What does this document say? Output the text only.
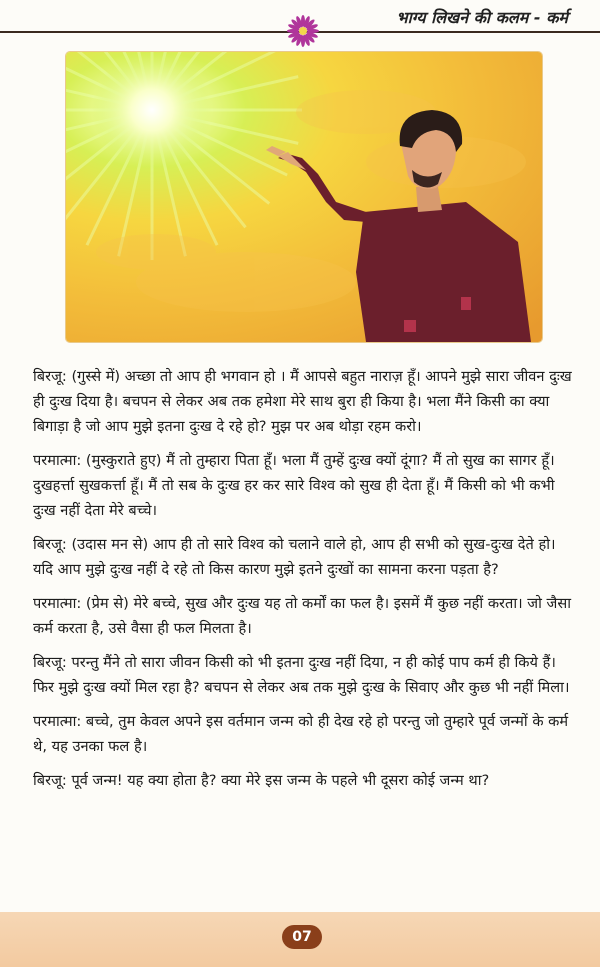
भाग्य लिखने की कलम - कर्म

बिरजू: (गुस्से में) अच्छा तो आप ही भगवान हो । मैं आपसे बहुत नाराज़ हूँ। आपने मुझे सारा जीवन दुःख ही दुःख दिया है। बचपन से लेकर अब तक हमेशा मेरे साथ बुरा ही किया है। भला मैंने किसी का क्या बिगाड़ा है जो आप मुझे इतना दुःख दे रहे हो? मुझ पर अब थोड़ा रहम करो।

परमात्मा: (मुस्कुराते हुए) मैं तो तुम्हारा पिता हूँ। भला मैं तुम्हें दुःख क्यों दूंगा? मैं तो सुख का सागर हूँ। दुखहर्त्ता सुखकर्त्ता हूँ। मैं तो सब के दुःख हर कर सारे विश्व को सुख ही देता हूँ। मैं किसी को भी कभी दुःख नहीं देता मेरे बच्चे।

बिरजू: (उदास मन से) आप ही तो सारे विश्व को चलाने वाले हो, आप ही सभी को सुख-दुःख देते हो। यदि आप मुझे दुःख नहीं दे रहे तो किस कारण मुझे इतने दुःखों का सामना करना पड़ता है?

परमात्मा: (प्रेम से) मेरे बच्चे, सुख और दुःख यह तो कर्मों का फल है। इसमें मैं कुछ नहीं करता। जो जैसा कर्म करता है, उसे वैसा ही फल मिलता है।

बिरजू: परन्तु मैंने तो सारा जीवन किसी को भी इतना दुःख नहीं दिया, न ही कोई पाप कर्म ही किये हैं। फिर मुझे दुःख क्यों मिल रहा है? बचपन से लेकर अब तक मुझे दुःख के सिवाए और कुछ भी नहीं मिला।

परमात्मा: बच्चे, तुम केवल अपने इस वर्तमान जन्म को ही देख रहे हो परन्तु जो तुम्हारे पूर्व जन्मों के कर्म थे, यह उनका फल है।

बिरजू: पूर्व जन्म! यह क्या होता है? क्या मेरे इस जन्म के पहले भी दूसरा कोई जन्म था?

07
